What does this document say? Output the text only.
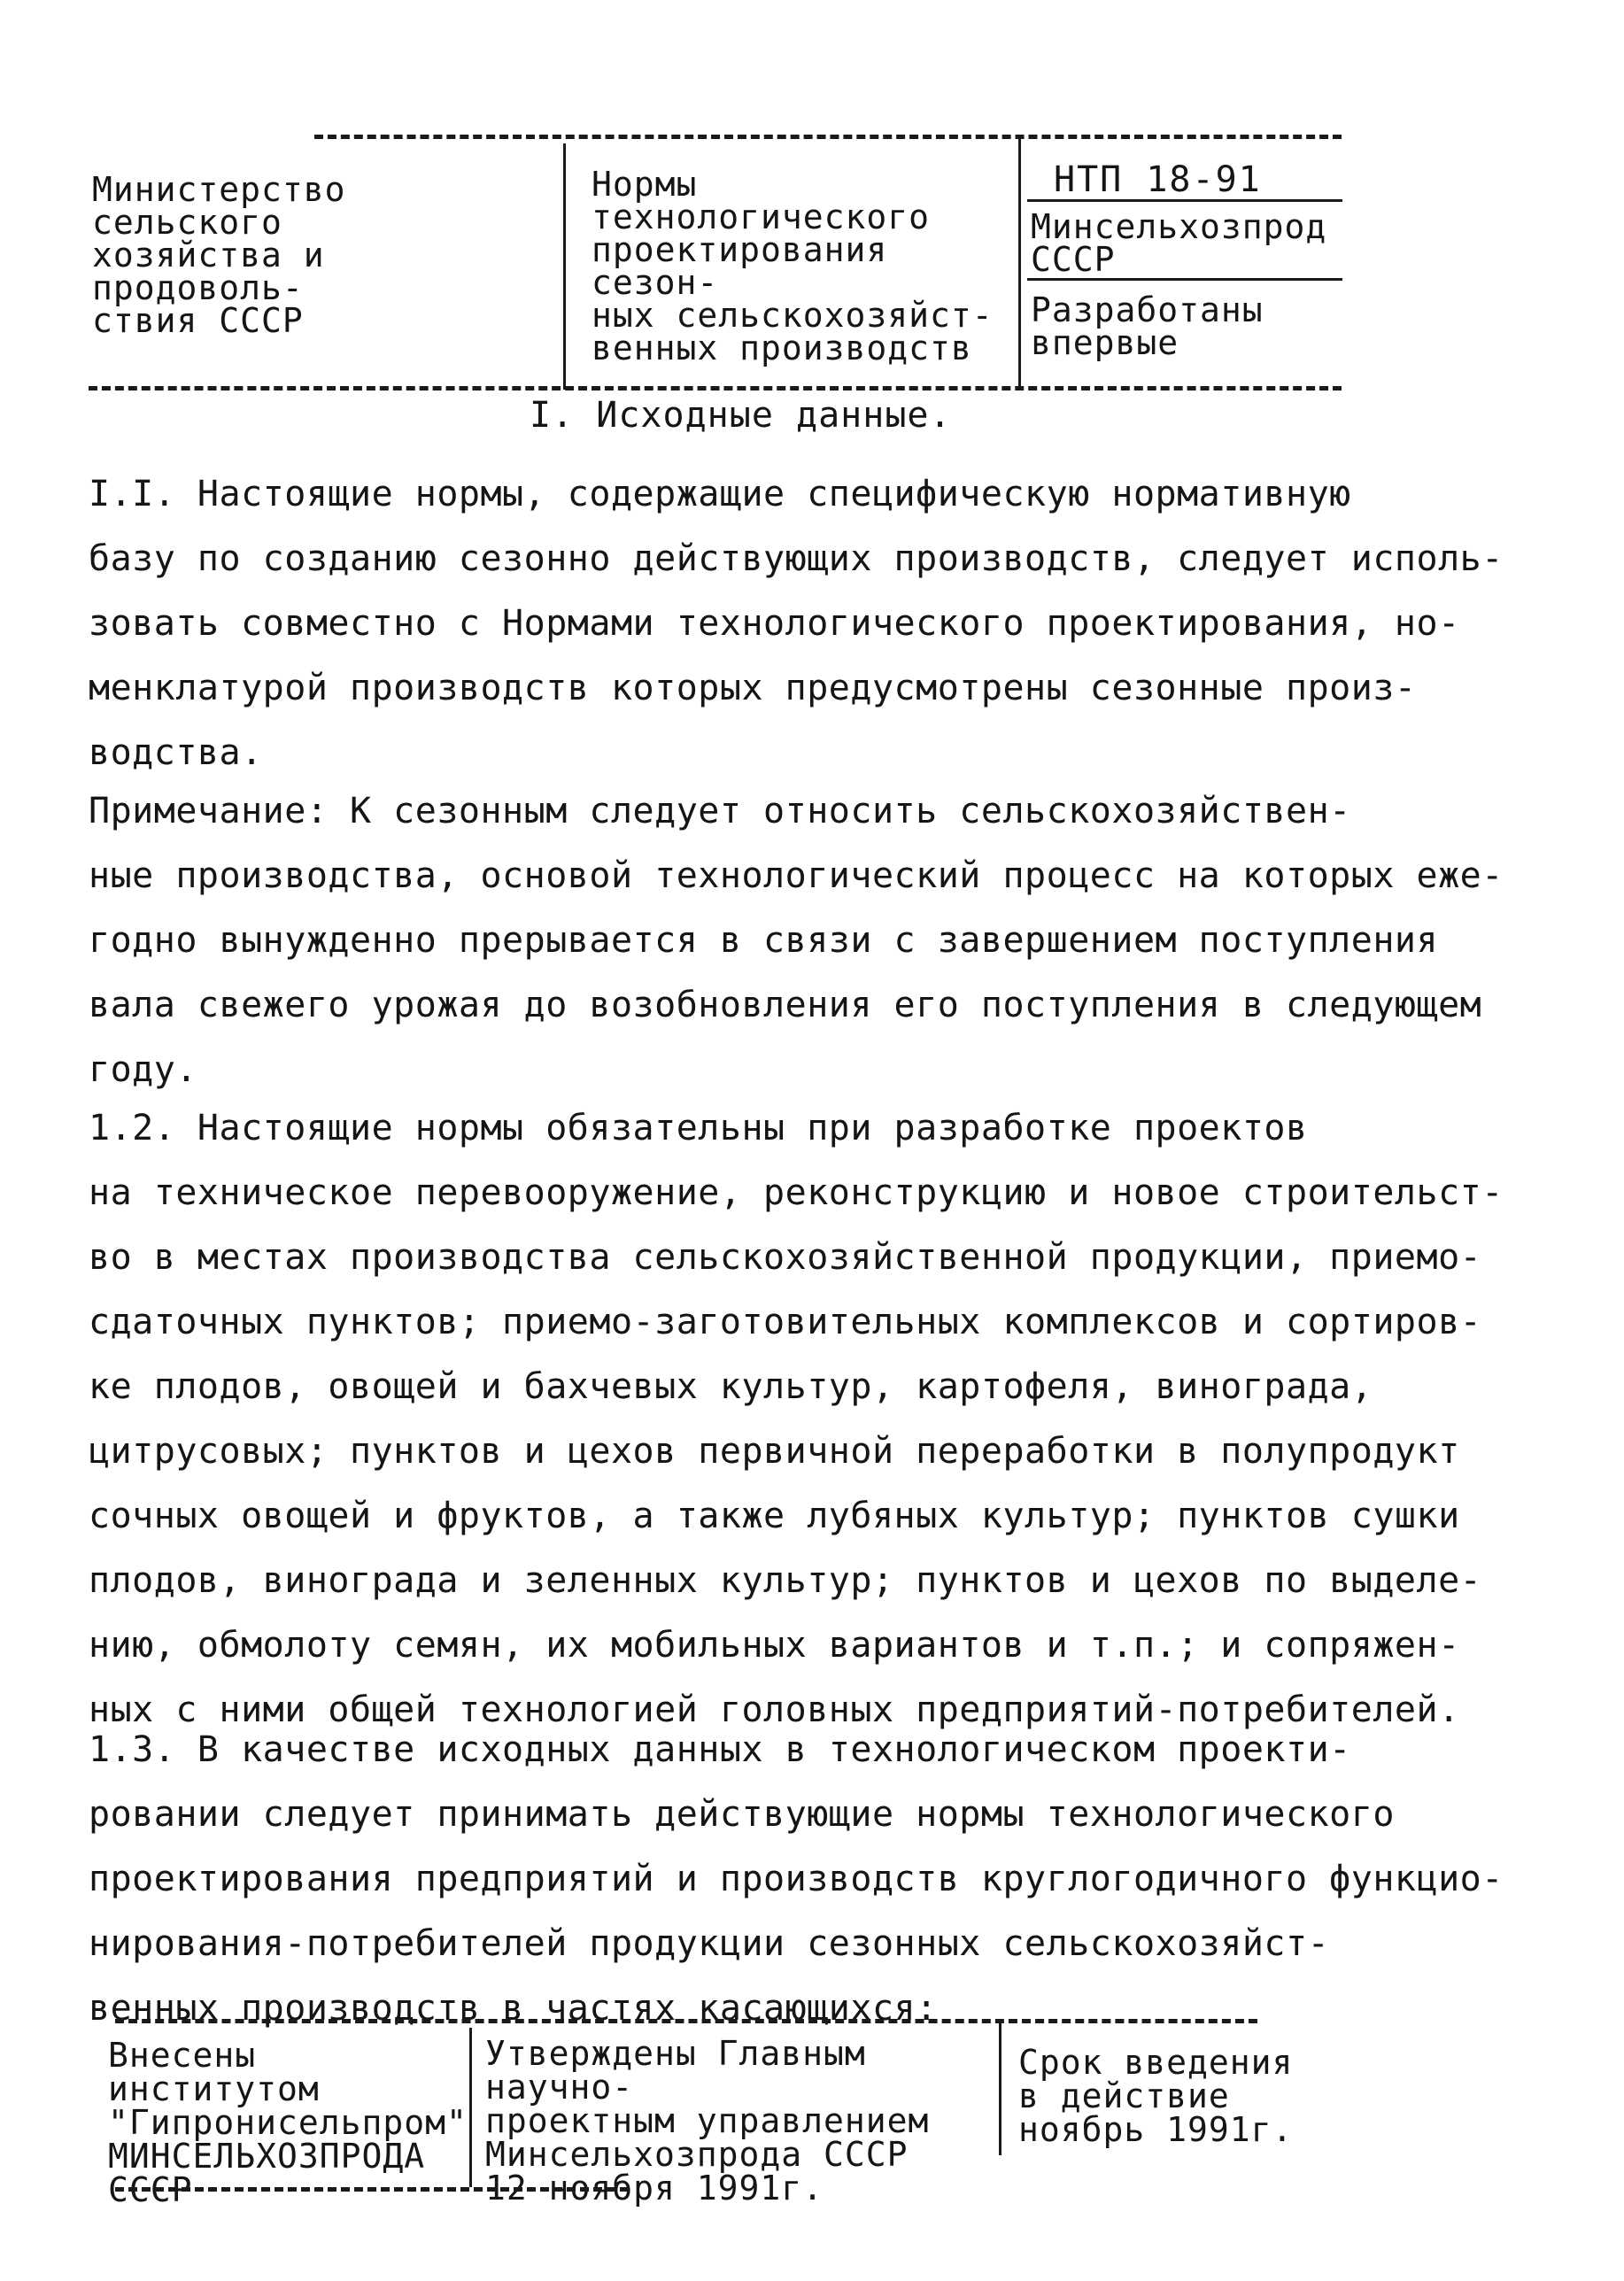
Министерство сельского
хозяйства и продоволь-
ствия СССР
Нормы технологического
проектирования сезон-
ных сельскохозяйст-
венных производств
НТП 18-91
Минсельхозпрод
СССР
Разработаны
впервые
I. Исходные данные.
I.I. Настоящие нормы, содержащие специфическую нормативную
базу по созданию сезонно действующих производств, следует исполь-
зовать совместно с Нормами технологического проектирования, но-
менклатурой производств которых предусмотрены сезонные произ-
водства.
Примечание: К сезонным следует относить сельскохозяйствен-
ные производства, основой технологический процесс на которых еже-
годно вынужденно прерывается в связи с завершением поступления
вала свежего урожая до возобновления его поступления в следующем
году.
1.2. Настоящие нормы обязательны при разработке проектов
на техническое перевооружение, реконструкцию и новое строительст-
во в местах производства сельскохозяйственной продукции, приемо-
сдаточных пунктов; приемо-заготовительных комплексов и сортиров-
ке плодов, овощей и бахчевых культур, картофеля, винограда,
цитрусовых; пунктов и цехов первичной переработки в полупродукт
сочных овощей и фруктов, а также лубяных культур; пунктов сушки
плодов, винограда и зеленных культур; пунктов и цехов по выделе-
нию, обмолоту семян, их мобильных вариантов и т.п.; и сопряжен-
ных с ними общей технологией головных предприятий-потребителей.
1.3. В качестве исходных данных в технологическом проекти-
ровании следует принимать действующие нормы технологического
проектирования предприятий и производств круглогодичного функцио-
нирования-потребителей продукции сезонных сельскохозяйст-
венных производств в частях касающихся:
Внесены институтом
"Гипронисельпром"
МИНСЕЛЬХОЗПРОДА
СССР
Утверждены Главным научно-
проектным управлением
Минсельхозпрода СССР
12 ноября 1991г.
Срок введения
в действие
ноябрь 1991г.
